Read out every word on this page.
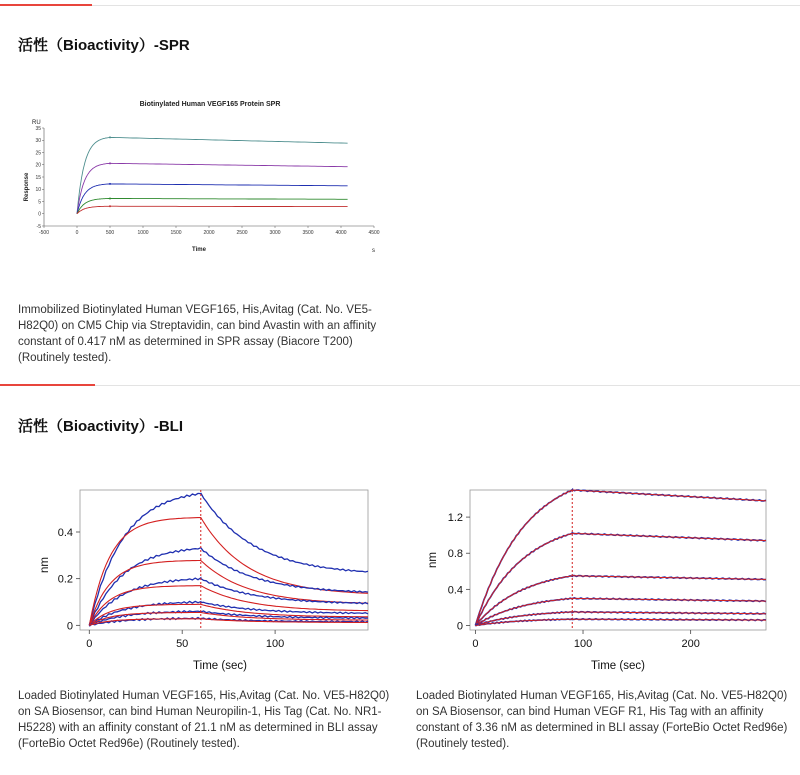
活性（Bioactivity）-SPR
Biotinylated Human VEGF165 Protein SPR
-500	0	500	1000	1500	2000	2500	3000	3500	4000	4500
-5
0
5
10
15
20
25
30
35
RU
Response
Time	s

Immobilized Biotinylated Human VEGF165, His,Avitag (Cat. No. VE5-H82Q0) on CM5 Chip via Streptavidin, can bind Avastin with an affinity constant of 0.417 nM as determined in SPR assay (Biacore T200) (Routinely tested).

活性（Bioactivity）-BLI
0	50	100
0
0.2
0.4
nm
Time (sec)
0	100	200
0
0.4
0.8
1.2
nm
Time (sec)

Loaded Biotinylated Human VEGF165, His,Avitag (Cat. No. VE5-H82Q0) on SA Biosensor, can bind Human Neuropilin-1, His Tag (Cat. No. NR1-H5228) with an affinity constant of 21.1 nM as determined in BLI assay (ForteBio Octet Red96e) (Routinely tested).

Loaded Biotinylated Human VEGF165, His,Avitag (Cat. No. VE5-H82Q0) on SA Biosensor, can bind Human VEGF R1, His Tag with an affinity constant of 3.36 nM as determined in BLI assay (ForteBio Octet Red96e) (Routinely tested).
